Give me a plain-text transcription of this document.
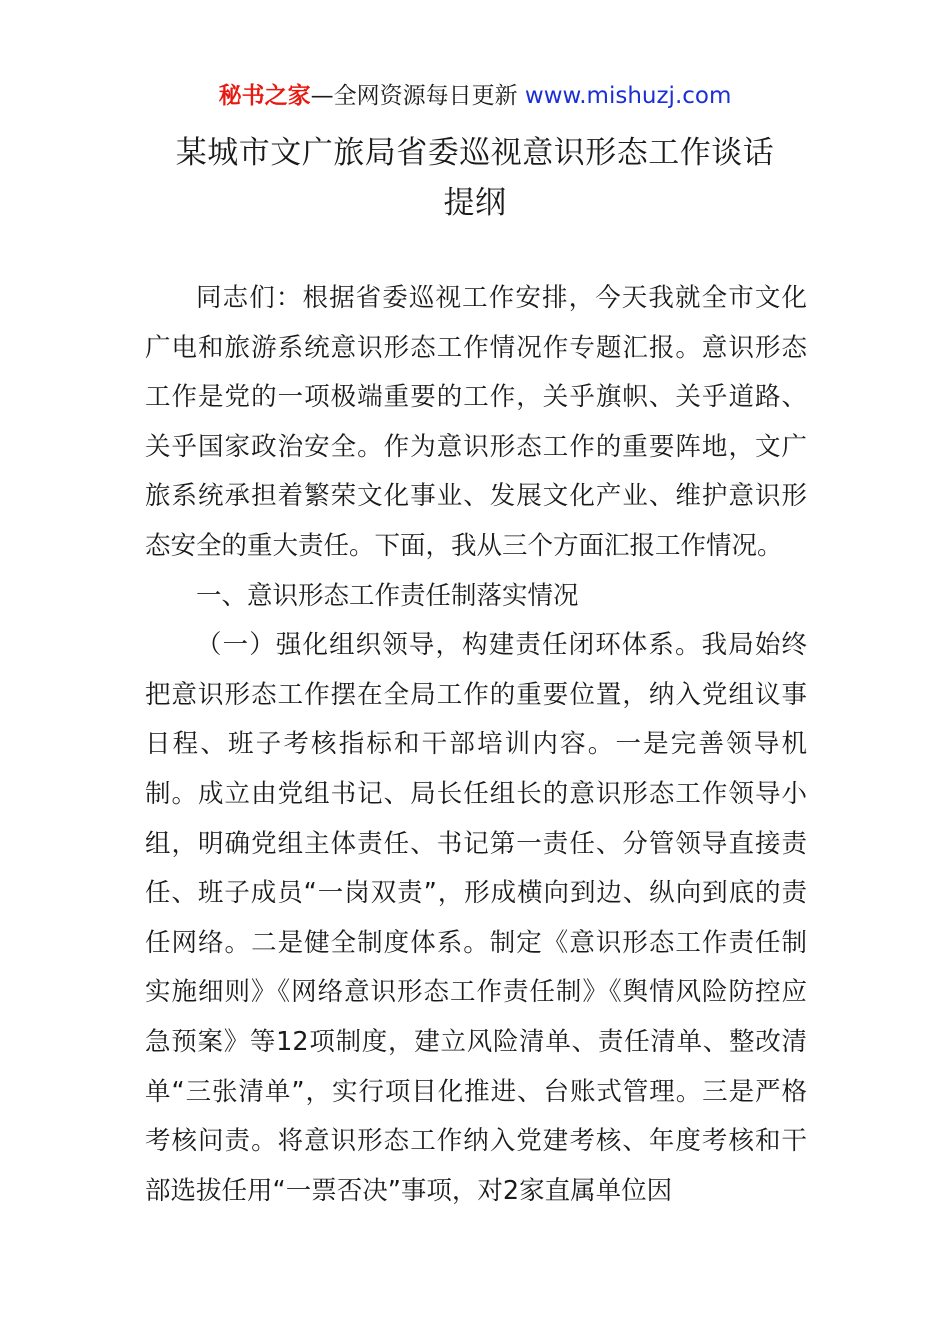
秘书之家—全网资源每日更新 www.mishuzj.com
某城市文广旅局省委巡视意识形态工作谈话
提纲

同志们：根据省委巡视工作安排，今天我就全市文化广电和旅游系统意识形态工作情况作专题汇报。意识形态工作是党的一项极端重要的工作，关乎旗帜、关乎道路、关乎国家政治安全。作为意识形态工作的重要阵地，文广旅系统承担着繁荣文化事业、发展文化产业、维护意识形态安全的重大责任。下面，我从三个方面汇报工作情况。

一、意识形态工作责任制落实情况

（一）强化组织领导，构建责任闭环体系。我局始终把意识形态工作摆在全局工作的重要位置，纳入党组议事日程、班子考核指标和干部培训内容。一是完善领导机制。成立由党组书记、局长任组长的意识形态工作领导小组，明确党组主体责任、书记第一责任、分管领导直接责任、班子成员“一岗双责”，形成横向到边、纵向到底的责任网络。二是健全制度体系。制定《意识形态工作责任制实施细则》《网络意识形态工作责任制》《舆情风险防控应急预案》等12项制度，建立风险清单、责任清单、整改清单“三张清单”，实行项目化推进、台账式管理。三是严格考核问责。将意识形态工作纳入党建考核、年度考核和干部选拔任用“一票否决”事项，对2家直属单位因
